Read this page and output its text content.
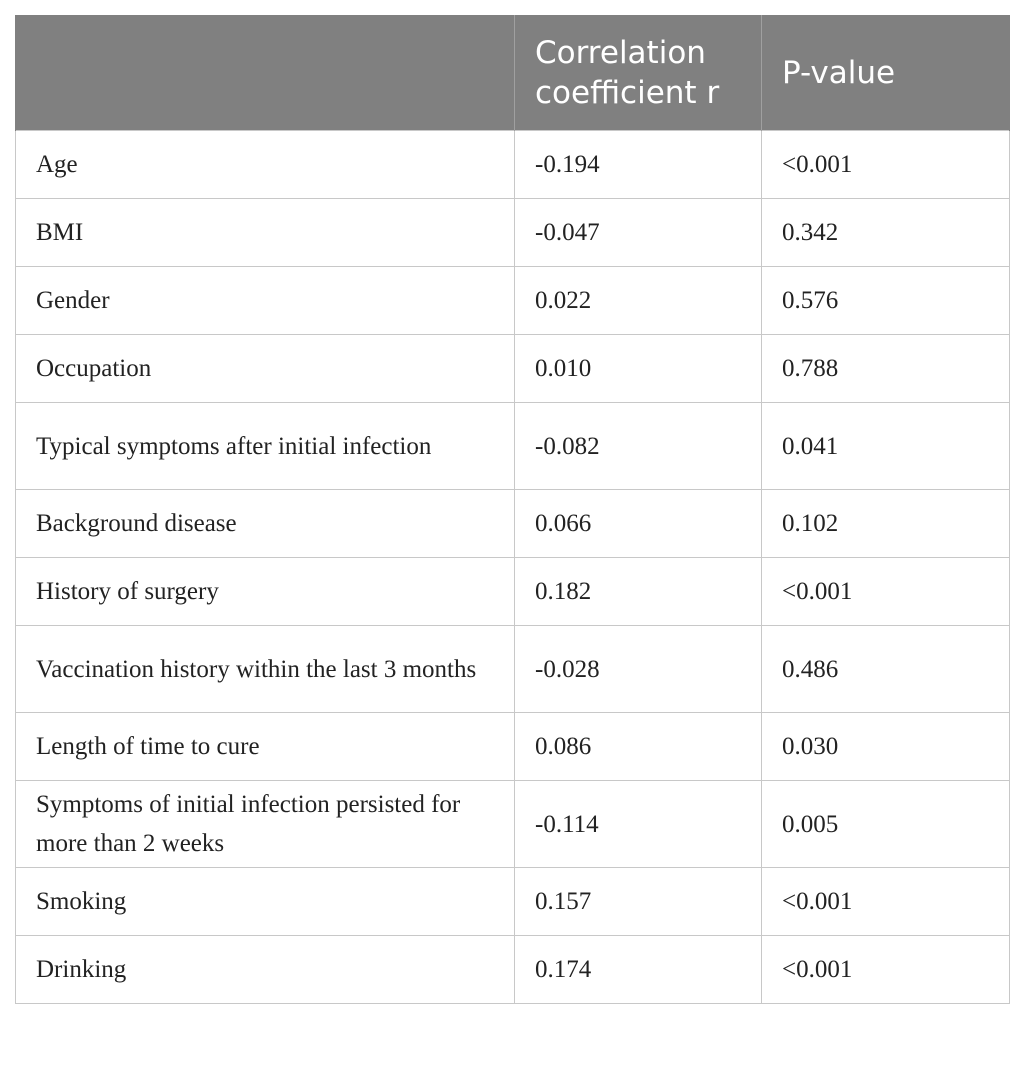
	Correlation coefficient r	P-value
Age	-0.194	<0.001
BMI	-0.047	0.342
Gender	0.022	0.576
Occupation	0.010	0.788
Typical symptoms after initial infection	-0.082	0.041
Background disease	0.066	0.102
History of surgery	0.182	<0.001
Vaccination history within the last 3 months	-0.028	0.486
Length of time to cure	0.086	0.030
Symptoms of initial infection persisted for more than 2 weeks	-0.114	0.005
Smoking	0.157	<0.001
Drinking	0.174	<0.001
